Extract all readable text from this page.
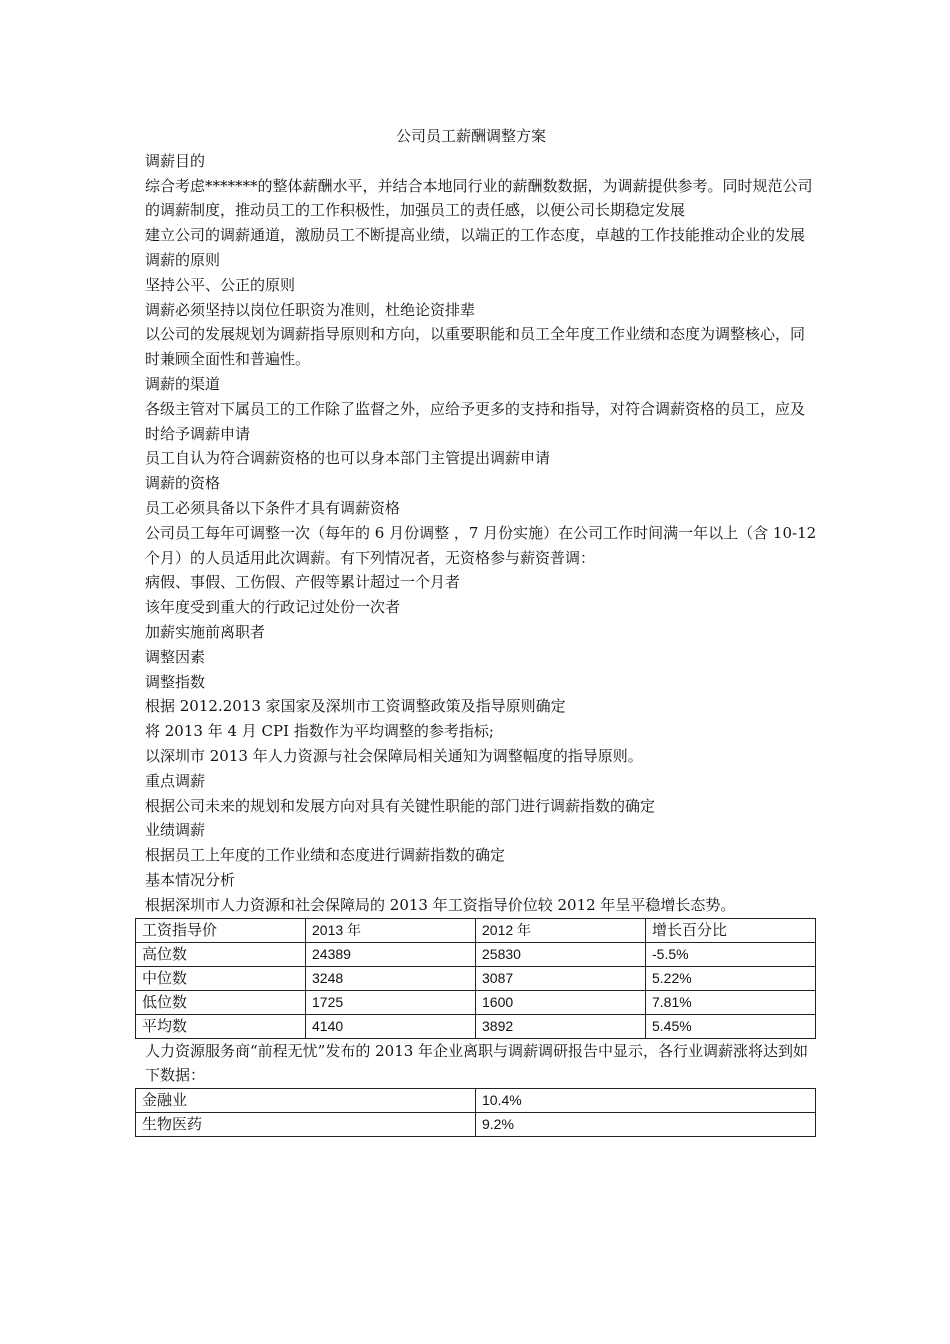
公司员工薪酬调整方案

调薪目的

综合考虑*******的整体薪酬水平，并结合本地同行业的薪酬数数据，为调薪提供参考。同时规范公司的调薪制度，推动员工的工作积极性，加强员工的责任感，以便公司长期稳定发展

建立公司的调薪通道，激励员工不断提高业绩，以端正的工作态度，卓越的工作技能推动企业的发展

调薪的原则

坚持公平、公正的原则

调薪必须坚持以岗位任职资为准则，杜绝论资排辈

以公司的发展规划为调薪指导原则和方向，以重要职能和员工全年度工作业绩和态度为调整核心，同时兼顾全面性和普遍性。

调薪的渠道

各级主管对下属员工的工作除了监督之外，应给予更多的支持和指导，对符合调薪资格的员工，应及时给予调薪申请

员工自认为符合调薪资格的也可以身本部门主管提出调薪申请

调薪的资格

员工必须具备以下条件才具有调薪资格

公司员工每年可调整一次（每年的 6 月份调整 ，7 月份实施）在公司工作时间满一年以上（含 10-12 个月）的人员适用此次调薪。有下列情况者，无资格参与薪资普调：

病假、事假、工伤假、产假等累计超过一个月者

该年度受到重大的行政记过处份一次者

加薪实施前离职者

调整因素

调整指数

根据 2012.2013 家国家及深圳市工资调整政策及指导原则确定

将 2013 年 4 月 CPI 指数作为平均调整的参考指标;

以深圳市 2013 年人力资源与社会保障局相关通知为调整幅度的指导原则。

重点调薪

根据公司未来的规划和发展方向对具有关键性职能的部门进行调薪指数的确定

业绩调薪

根据员工上年度的工作业绩和态度进行调薪指数的确定

基本情况分析

根据深圳市人力资源和社会保障局的 2013 年工资指导价位较 2012 年呈平稳增长态势。

工资指导价	2013 年	2012 年	增长百分比
高位数	24389	25830	-5.5%
中位数	3248	3087	5.22%
低位数	1725	1600	7.81%
平均数	4140	3892	5.45%

人力资源服务商“前程无忧”发布的 2013 年企业离职与调薪调研报告中显示，各行业调薪涨将达到如下数据：

金融业	10.4%
生物医药	9.2%
